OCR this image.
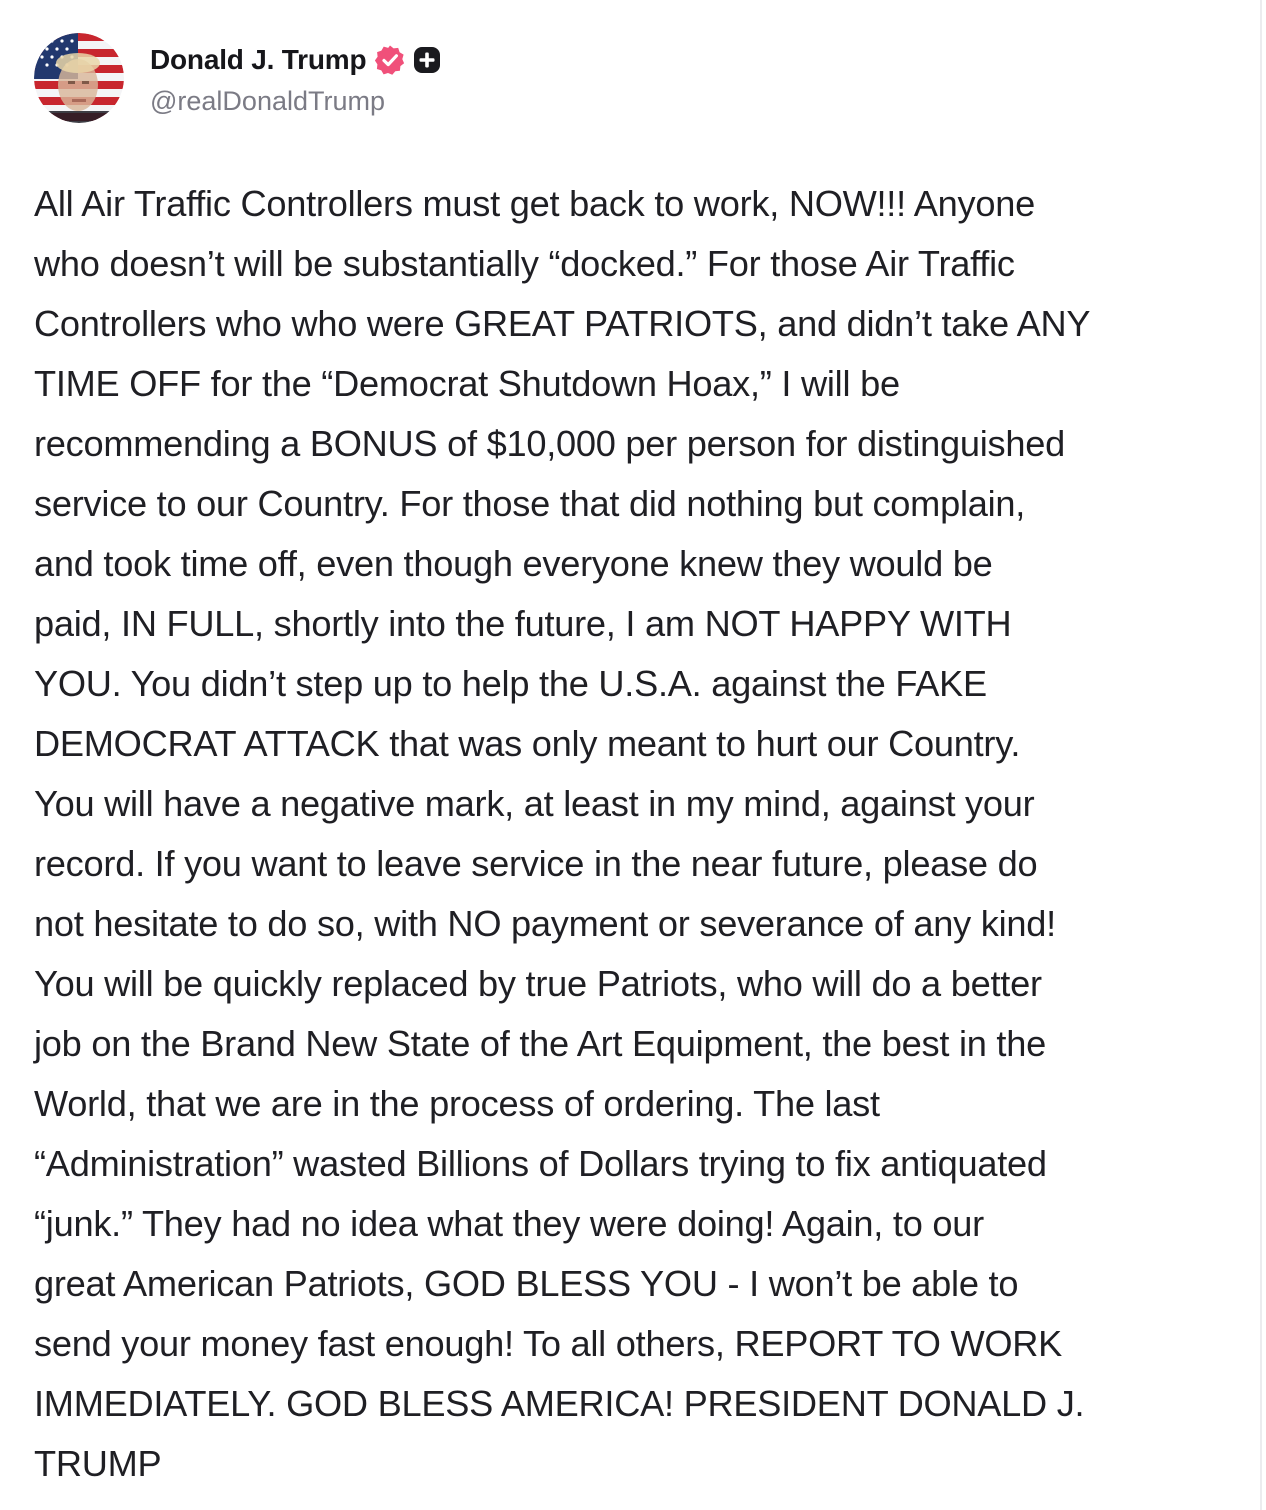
Donald J. Trump
@realDonaldTrump

All Air Traffic Controllers must get back to work, NOW!!! Anyone
who doesn’t will be substantially “docked.” For those Air Traffic
Controllers who who were GREAT PATRIOTS, and didn’t take ANY
TIME OFF for the “Democrat Shutdown Hoax,” I will be
recommending a BONUS of $10,000 per person for distinguished
service to our Country. For those that did nothing but complain,
and took time off, even though everyone knew they would be
paid, IN FULL, shortly into the future, I am NOT HAPPY WITH
YOU. You didn’t step up to help the U.S.A. against the FAKE
DEMOCRAT ATTACK that was only meant to hurt our Country.
You will have a negative mark, at least in my mind, against your
record. If you want to leave service in the near future, please do
not hesitate to do so, with NO payment or severance of any kind!
You will be quickly replaced by true Patriots, who will do a better
job on the Brand New State of the Art Equipment, the best in the
World, that we are in the process of ordering. The last
“Administration” wasted Billions of Dollars trying to fix antiquated
“junk.” They had no idea what they were doing! Again, to our
great American Patriots, GOD BLESS YOU - I won’t be able to
send your money fast enough! To all others, REPORT TO WORK
IMMEDIATELY. GOD BLESS AMERICA! PRESIDENT DONALD J.
TRUMP
